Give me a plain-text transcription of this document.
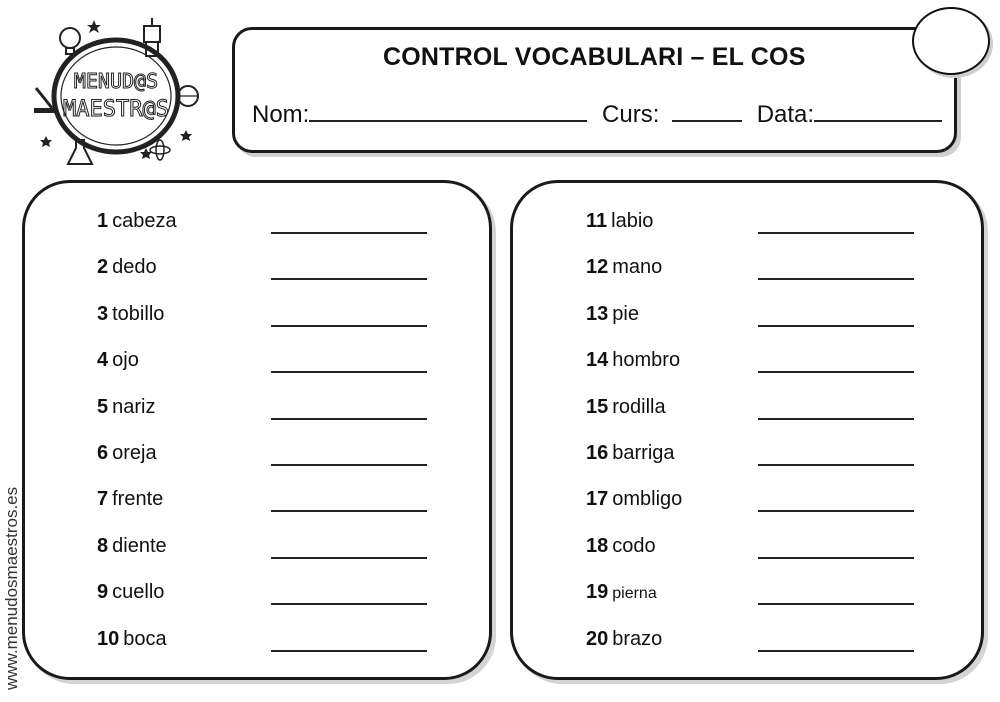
MENUD@S
MAESTR@S
CONTROL VOCABULARI – EL COS
Nom:	Curs:	Data:
1 cabeza
2 dedo
3 tobillo
4 ojo
5 nariz
6 oreja
7 frente
8 diente
9 cuello
10 boca
11 labio
12 mano
13 pie
14 hombro
15 rodilla
16 barriga
17 ombligo
18 codo
19 pierna
20 brazo
www.menudosmaestros.es
